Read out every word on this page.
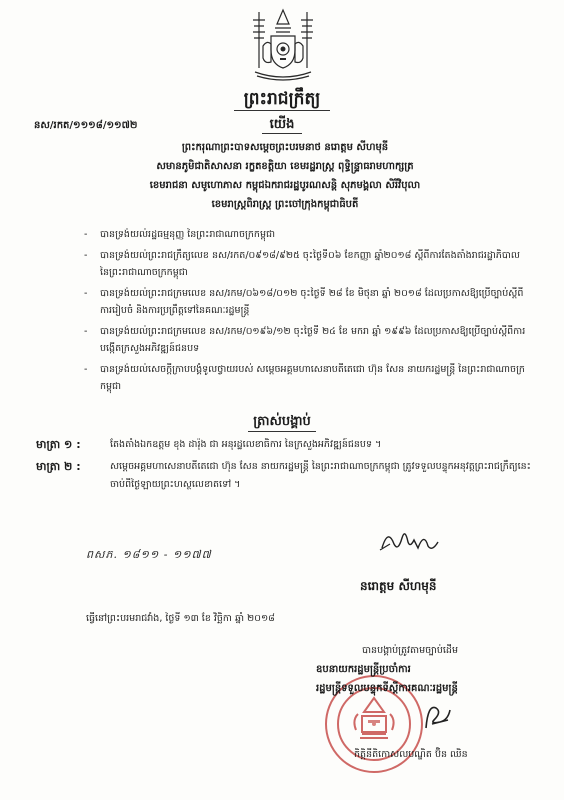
ព្រះរាជក្រឹត្យ
នស/រកត/១១១៨/១១៧២	យើង
ព្រះករុណាព្រះបាទសម្តេចព្រះបរមនាថ នរោត្តម សីហមុនី
សមានភូមិជាតិសាសនា រក្ខតខត្តិយា ខេមរដ្ឋរាស្ត្រ ពុទ្ធិន្ទ្រាធរាមហាក្សត្រ
ខេមរាជនា សមូហោភាស កម្ពុជឯករាជរដ្ឋបូរណសន្តិ សុភមង្គលា សិរីវិបុលា
ខេមរាស្ត្រពិរាស្ត្រ ព្រះចៅក្រុងកម្ពុជាធិបតី
- បានទ្រង់យល់រដ្ឋធម្មនុញ្ញ នៃព្រះរាជាណាចក្រកម្ពុជា
- បានទ្រង់យល់ព្រះរាជក្រឹត្យលេខ នស/រកត/០៩១៨/៩២៥ ចុះថ្ងៃទី០៦ ខែកញ្ញា ឆ្នាំ២០១៨ ស្តីពីការតែងតាំងរាជរដ្ឋាភិបាល នៃព្រះរាជាណាចក្រកម្ពុជា
- បានទ្រង់យល់ព្រះរាជក្រមលេខ នស/រកម/០៦១៨/០១២ ចុះថ្ងៃទី ២៨ ខែ មិថុនា ឆ្នាំ ២០១៨ ដែលប្រកាសឱ្យប្រើច្បាប់ស្តីពីការរៀបចំ និងការប្រព្រឹត្តទៅនៃគណៈរដ្ឋមន្ត្រី
- បានទ្រង់យល់ព្រះរាជក្រមលេខ នស/រកម/០១៩៦/១២ ចុះថ្ងៃទី ២៤ ខែ មករា ឆ្នាំ ១៩៩៦ ដែលប្រកាសឱ្យប្រើច្បាប់ស្តីពីការបង្កើតក្រសួងអភិវឌ្ឍន៍ជនបទ
- បានទ្រង់យល់សេចក្តីក្រាបបង្គំទូលថ្វាយរបស់ សម្តេចអគ្គមហាសេនាបតីតេជោ ហ៊ុន សែន នាយករដ្ឋមន្ត្រី នៃព្រះរាជាណាចក្រកម្ពុជា
ត្រាស់បង្គាប់
មាត្រា ១ :	តែងតាំងឯកឧត្តម ខុង ដារ៉ុង ជា អនុរដ្ឋលេខាធិការ នៃក្រសួងអភិវឌ្ឍន៍ជនបទ ។
មាត្រា ២ :	សម្តេចអគ្គមហាសេនាបតីតេជោ ហ៊ុន សែន នាយករដ្ឋមន្ត្រី នៃព្រះរាជាណាចក្រកម្ពុជា ត្រូវទទួលបន្ទុកអនុវត្តព្រះរាជក្រឹត្យនេះ ចាប់ពីថ្ងៃឡាយព្រះហស្ថលេខាតទៅ ។
ពសភ. ១៨១១ - ១១៧៧
នរោត្តម សីហមុនី
ធ្វើនៅព្រះបរមរាជវាំង, ថ្ងៃទី ១៣ ខែ វិច្ឆិកា ឆ្នាំ ២០១៨
បានបង្គាប់ត្រូវតាមច្បាប់ដើម
ឧបនាយករដ្ឋមន្ត្រីប្រចាំការ
រដ្ឋមន្ត្រីទទួលបន្ទុកទីស្តីការគណៈរដ្ឋមន្ត្រី
កិត្តិនីតិកោសលបណ្ឌិត ប៊ិន ឈិន
